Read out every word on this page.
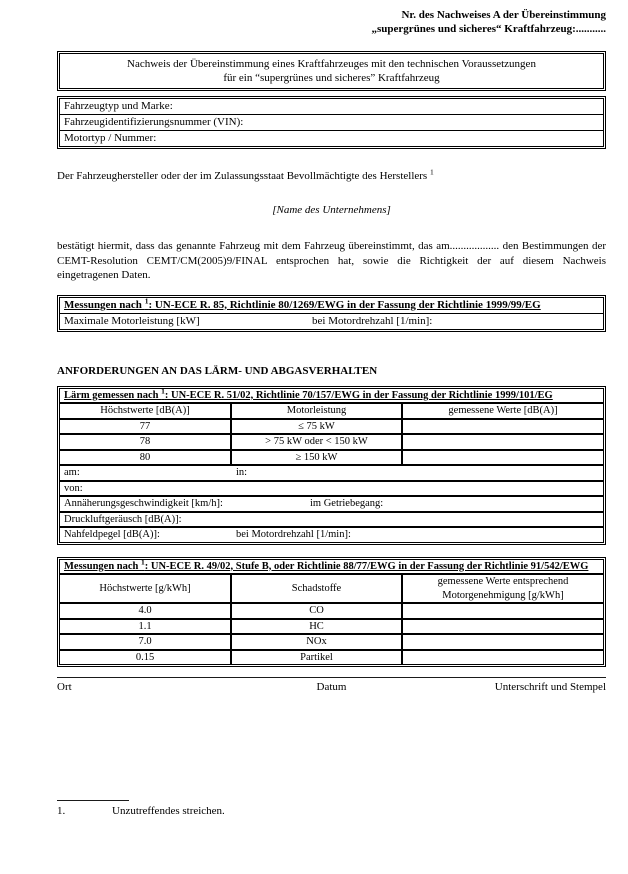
Nr. des Nachweises A der Übereinstimmung
„supergrünes und sicheres“ Kraftfahrzeug:...........
Nachweis der Übereinstimmung eines Kraftfahrzeuges mit den technischen Voraussetzungen
für ein “supergrünes und sicheres” Kraftfahrzeug
Fahrzeugtyp und Marke:
Fahrzeugidentifizierungsnummer (VIN):
Motortyp / Nummer:
Der Fahrzeughersteller oder der im Zulassungsstaat Bevollmächtigte des Herstellers $^1$
[Name des Unternehmens]
bestätigt hiermit, dass das genannte Fahrzeug mit dem Fahrzeug übereinstimmt, das am.................. den Bestimmungen der CEMT-Resolution CEMT/CM(2005)9/FINAL entsprochen hat, sowie die Richtigkeit der auf diesem Nachweis eingetragenen Daten.
Messungen nach $^1$: UN-ECE R. 85, Richtlinie 80/1269/EWG in der Fassung der Richtlinie 1999/99/EG
Maximale Motorleistung [kW]	bei Motordrehzahl [1/min]:
ANFORDERUNGEN AN DAS LÄRM- UND ABGASVERHALTEN
Lärm gemessen nach $^1$: UN-ECE R. 51/02, Richtlinie 70/157/EWG in der Fassung der Richtlinie 1999/101/EG		
Höchstwerte [dB(A)]	Motorleistung	gemessene Werte [dB(A)]
77	≤ 75 kW	
78	> 75 kW oder < 150 kW	
80	≥ 150 kW	
am: in:		

von:		
Annäherungsgeschwindigkeit [km/h]: im Getriebegang:		

Druckluftgeräusch [dB(A)]:		
Nahfeldpegel [dB(A)]: bei Motordrehzahl [1/min]:		
Messungen nach $^1$: UN-ECE R. 49/02, Stufe B, oder Richtlinie 88/77/EWG in der Fassung der Richtlinie 91/542/EWG		
Höchstwerte [g/kWh]	Schadstoffe	gemessene Werte entsprechend Motorgenehmigung [g/kWh]
4.0	CO	
1.1	HC	
7.0	NOx	
0.15	Partikel	
Ort	Datum	Unterschrift und Stempel
1.	Unzutreffendes streichen.
